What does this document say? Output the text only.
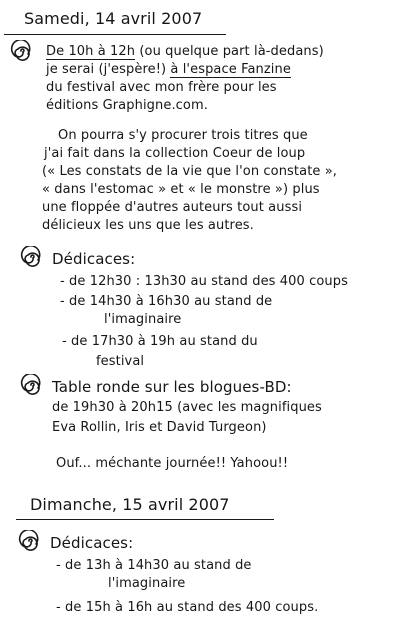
Samedi, 14 avril 2007
De 10h à 12h (ou quelque part là-dedans)
je serai (j'espère!) à l'espace Fanzine
du festival avec mon frère pour les
éditions Graphigne.com.
On pourra s'y procurer trois titres que
j'ai fait dans la collection Coeur de loup
(« Les constats de la vie que l'on constate »,
« dans l'estomac » et « le monstre ») plus
une floppée d'autres auteurs tout aussi
délicieux les uns que les autres.
Dédicaces:
- de 12h30 : 13h30 au stand des 400 coups
- de 14h30 à 16h30 au stand de
l'imaginaire
- de 17h30 à 19h au stand du
festival
Table ronde sur les blogues-BD:
de 19h30 à 20h15 (avec les magnifiques
Eva Rollin, Iris et David Turgeon)
Ouf... méchante journée!! Yahoou!!
Dimanche, 15 avril 2007
Dédicaces:
- de 13h à 14h30 au stand de
l'imaginaire
- de 15h à 16h au stand des 400 coups.
